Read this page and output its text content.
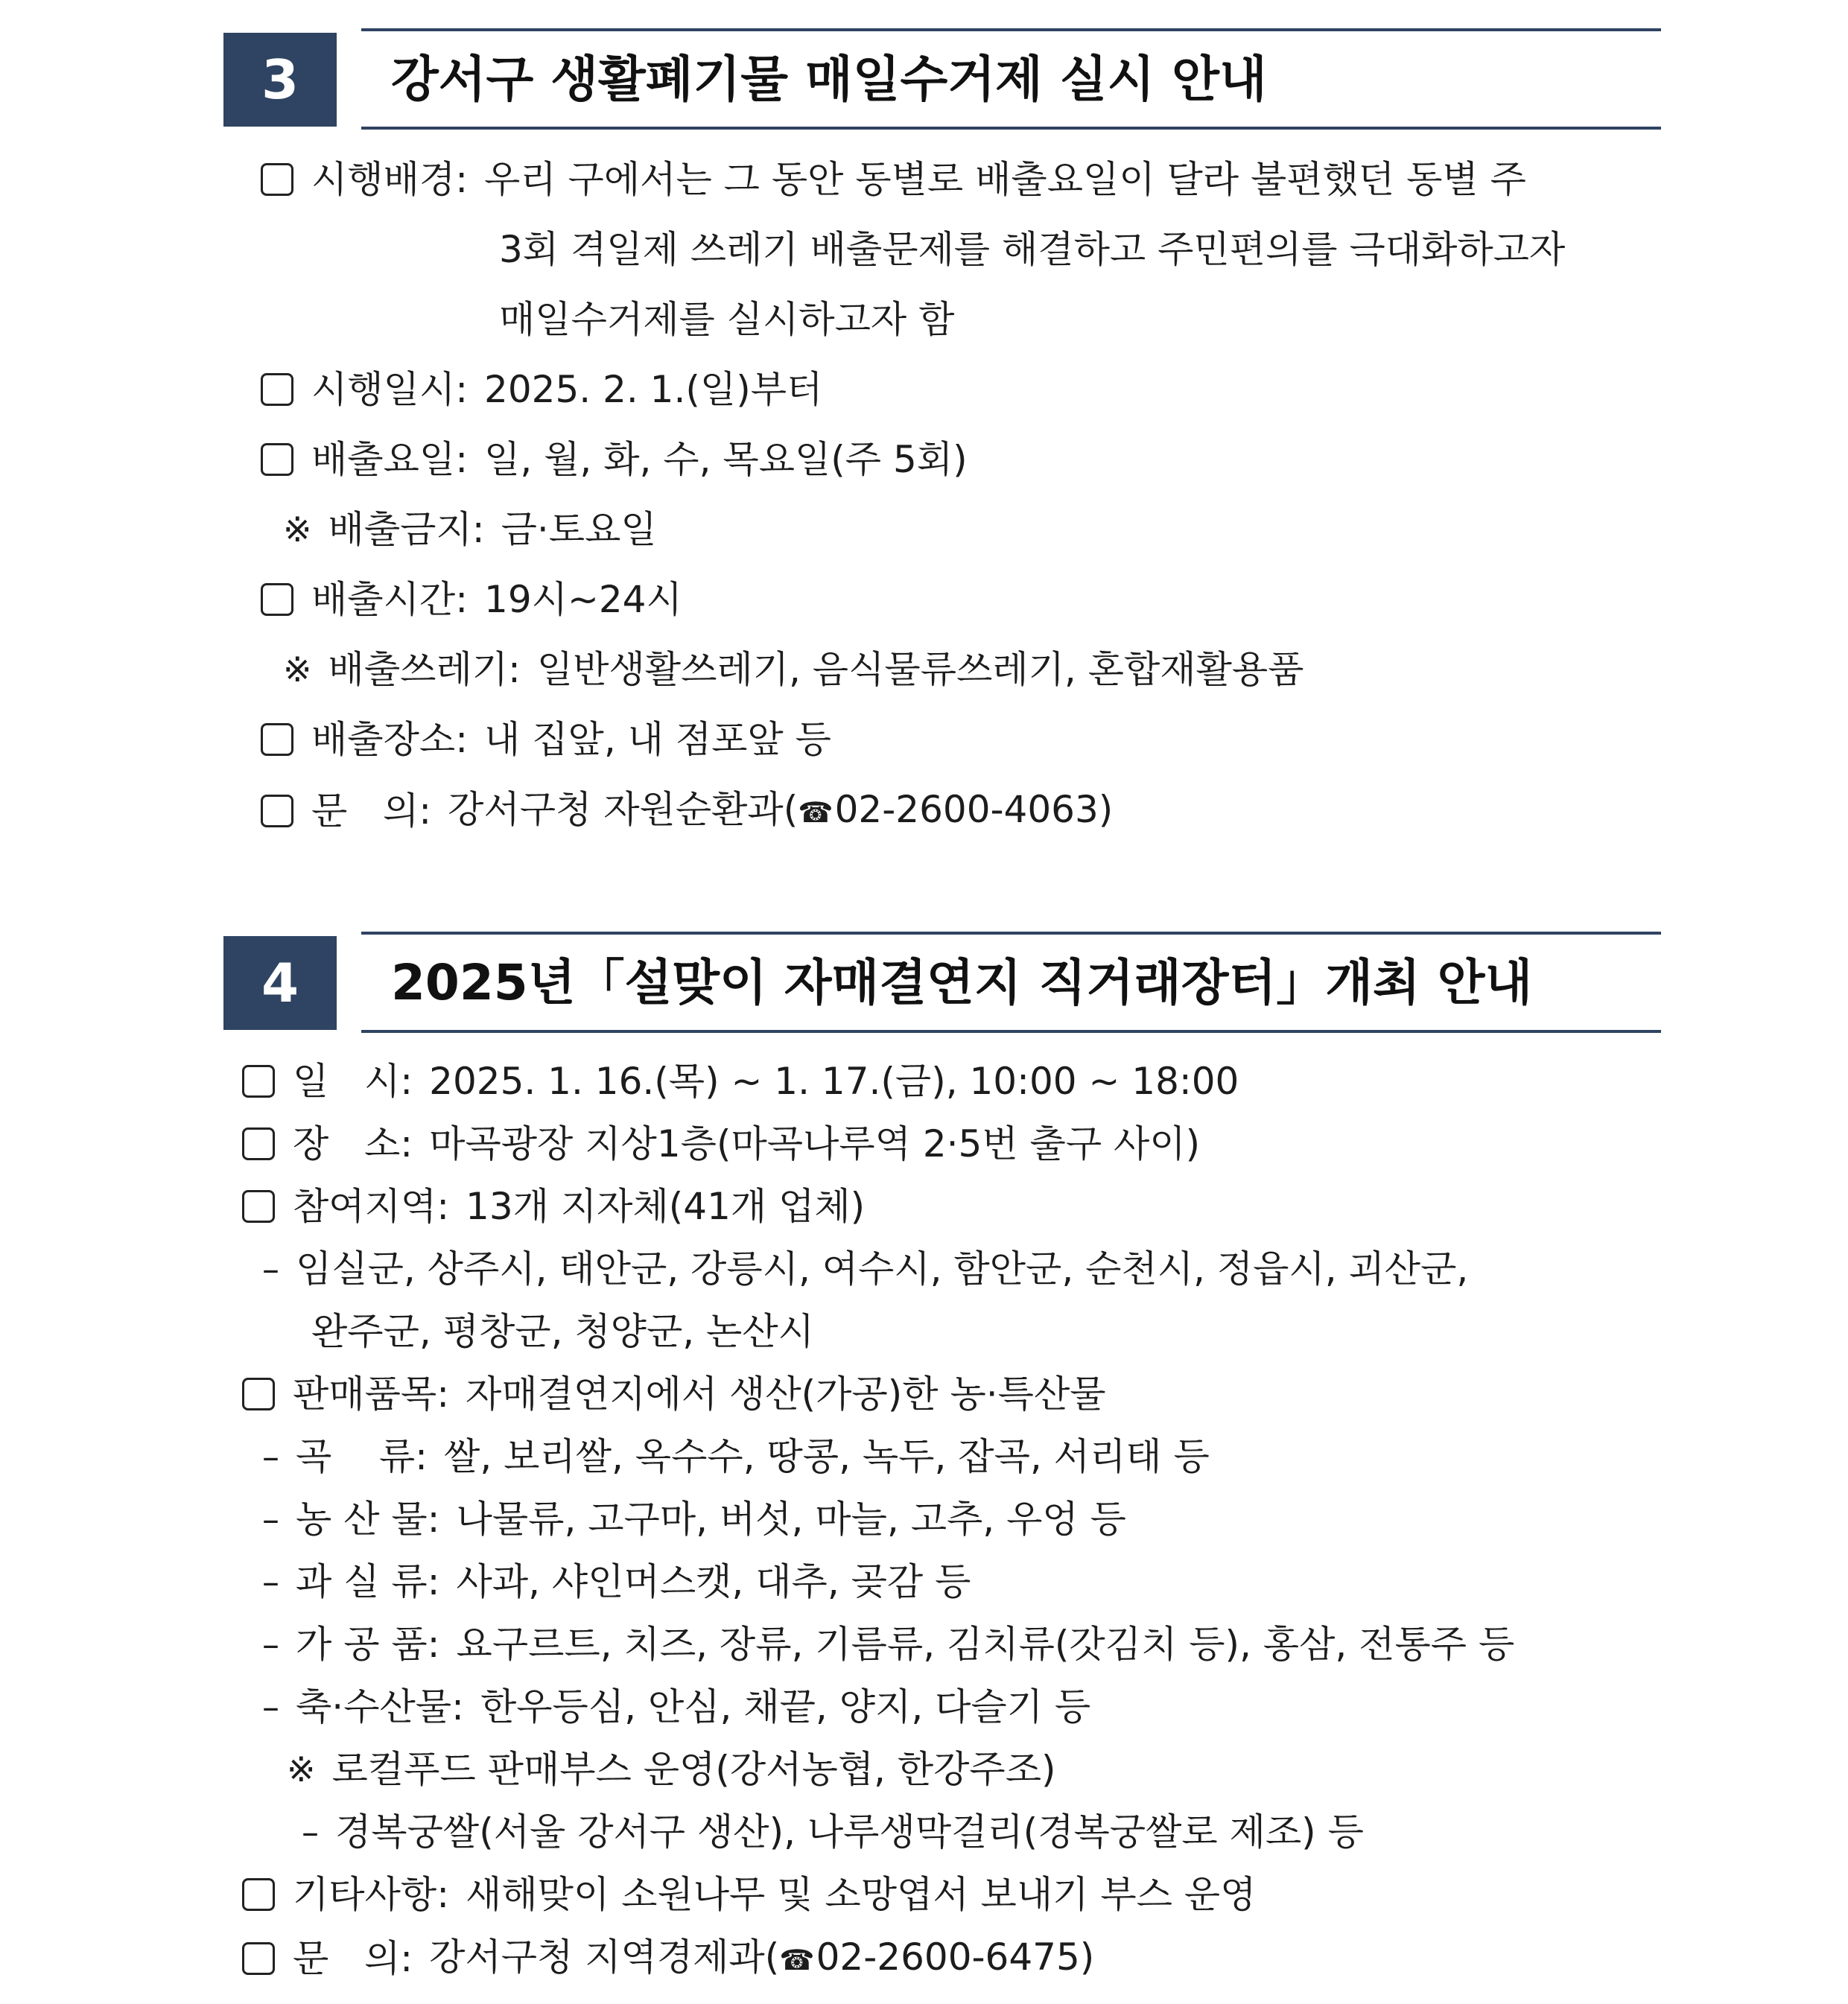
3	강서구 생활폐기물 매일수거제 실시 안내
시행배경: 우리 구에서는 그 동안 동별로 배출요일이 달라 불편했던 동별 주
3회 격일제 쓰레기 배출문제를 해결하고 주민편의를 극대화하고자
매일수거제를 실시하고자 함
시행일시: 2025. 2. 1.(일)부터
배출요일: 일, 월, 화, 수, 목요일(주 5회)
※ 배출금지: 금·토요일
배출시간: 19시~24시
※ 배출쓰레기: 일반생활쓰레기, 음식물류쓰레기, 혼합재활용품
배출장소: 내 집앞, 내 점포앞 등
문   의: 강서구청 자원순환과(☎02-2600-4063)
4	2025년「설맞이 자매결연지 직거래장터」개최 안내
일   시: 2025. 1. 16.(목) ~ 1. 17.(금), 10:00 ~ 18:00
장   소: 마곡광장 지상1층(마곡나루역 2·5번 출구 사이)
참여지역: 13개 지자체(41개 업체)
– 임실군, 상주시, 태안군, 강릉시, 여수시, 함안군, 순천시, 정읍시, 괴산군,
완주군, 평창군, 청양군, 논산시
판매품목: 자매결연지에서 생산(가공)한 농·특산물
– 곡    류: 쌀, 보리쌀, 옥수수, 땅콩, 녹두, 잡곡, 서리태 등
– 농 산 물: 나물류, 고구마, 버섯, 마늘, 고추, 우엉 등
– 과 실 류: 사과, 샤인머스캣, 대추, 곶감 등
– 가 공 품: 요구르트, 치즈, 장류, 기름류, 김치류(갓김치 등), 홍삼, 전통주 등
– 축·수산물: 한우등심, 안심, 채끝, 양지, 다슬기 등
※ 로컬푸드 판매부스 운영(강서농협, 한강주조)
– 경복궁쌀(서울 강서구 생산), 나루생막걸리(경복궁쌀로 제조) 등
기타사항: 새해맞이 소원나무 및 소망엽서 보내기 부스 운영
문   의: 강서구청 지역경제과(☎02-2600-6475)
